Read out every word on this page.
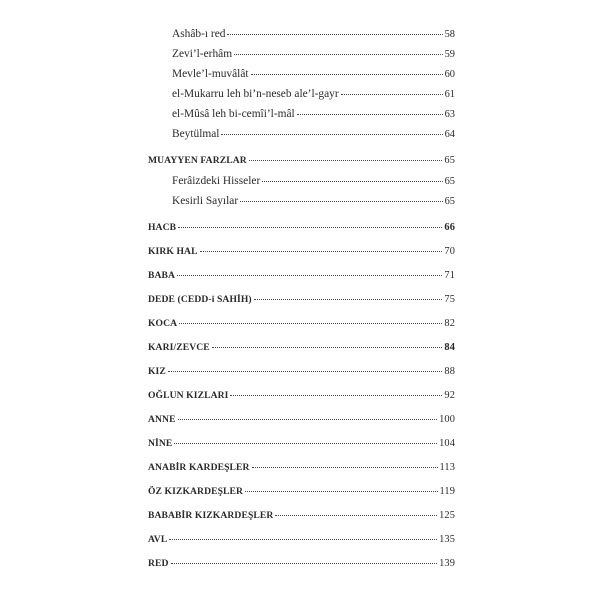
Ashâb-ı red	58
Zevi’l-erhâm	59
Mevle’l-muvâlât	60
el-Mukarru leh bi’n-neseb ale’l-gayr	61
el-Mûsâ leh bi-cemîi’l-mâl	63
Beytülmal	64
MUAYYEN FARZLAR	65
Ferâizdeki Hisseler	65
Kesirli Sayılar	65
HACB	66
KIRK HAL	70
BABA	71
DEDE (CEDD-i SAHİH)	75
KOCA	82
KARI/ZEVCE	84
KIZ	88
OĞLUN KIZLARI	92
ANNE	100
NİNE	104
ANABİR KARDEŞLER	113
ÖZ KIZKARDEŞLER	119
BABABİR KIZKARDEŞLER	125
AVL	135
RED	139
